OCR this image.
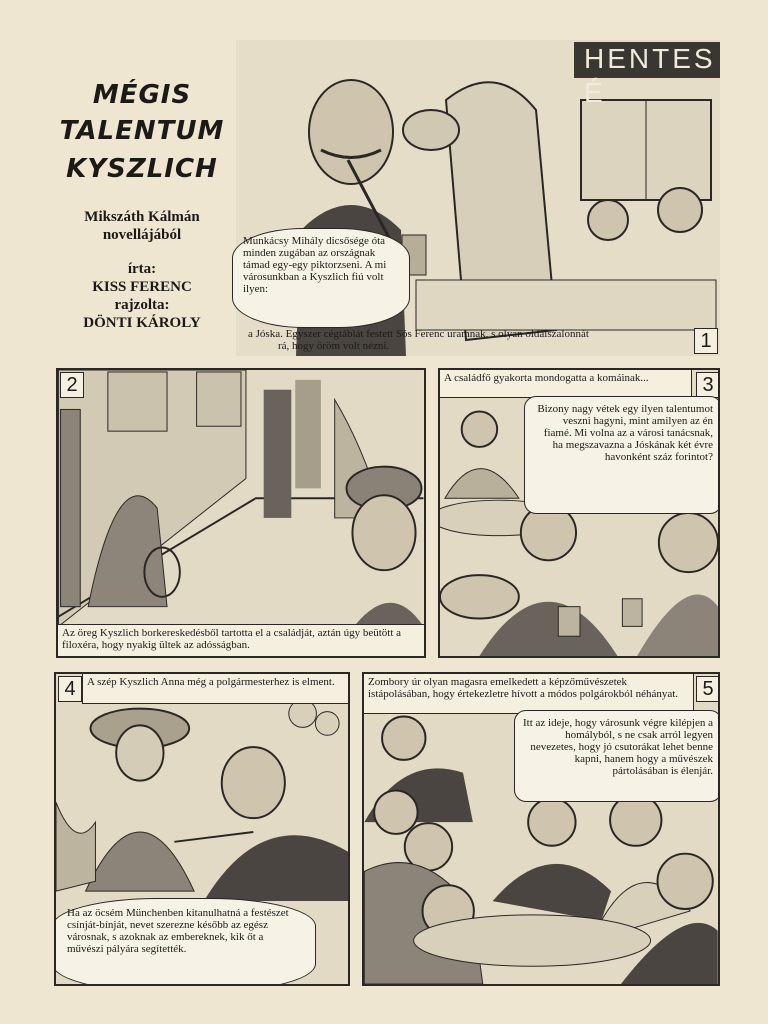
MÉGIS
TALENTUM
KYSZLICH
Mikszáth Kálmán
novellájából
írta:
KISS FERENC
rajzolta:
DÖNTI KÁROLY
HENTES É
Munkácsy Mihály dicsősége óta minden zugában az országnak támad egy-egy piktorzseni. A mi városunkban a Kyszlich fiú volt ilyen:
a Jóska. Egyszer cégtáblát festett Sós Ferenc uramnak, s olyan oldalszalonnát
rá, hogy öröm volt nézni.	1
2
Az öreg Kyszlich borkereskedésből tartotta el a családját, aztán úgy beütött a filoxéra, hogy nyakig ültek az adósságban.
A családfő gyakorta mondogatta a komáinak...	3
Bizony nagy vétek egy ilyen talentumot veszni hagyni, mint amilyen az én fiamé. Mi volna az a városi tanácsnak, ha megszavazna a Jóskának két évre havonként száz forintot?
4	A szép Kyszlich Anna még a polgármesterhez is elment.
Ha az öcsém Münchenben kitanulhatná a festészet csínját-bínját, nevet szerezne később az egész városnak, s azoknak az embereknek, kik őt a művészi pályára segítették.
Zombory úr olyan magasra emelkedett a képzőművészetek istápolásában, hogy értekezletre hívott a módos polgárokból néhányat.	5
Itt az ideje, hogy városunk végre kilépjen a homályból, s ne csak arról legyen nevezetes, hogy jó csutorákat lehet benne kapni, hanem hogy a művészek pártolásában is élenjár.
